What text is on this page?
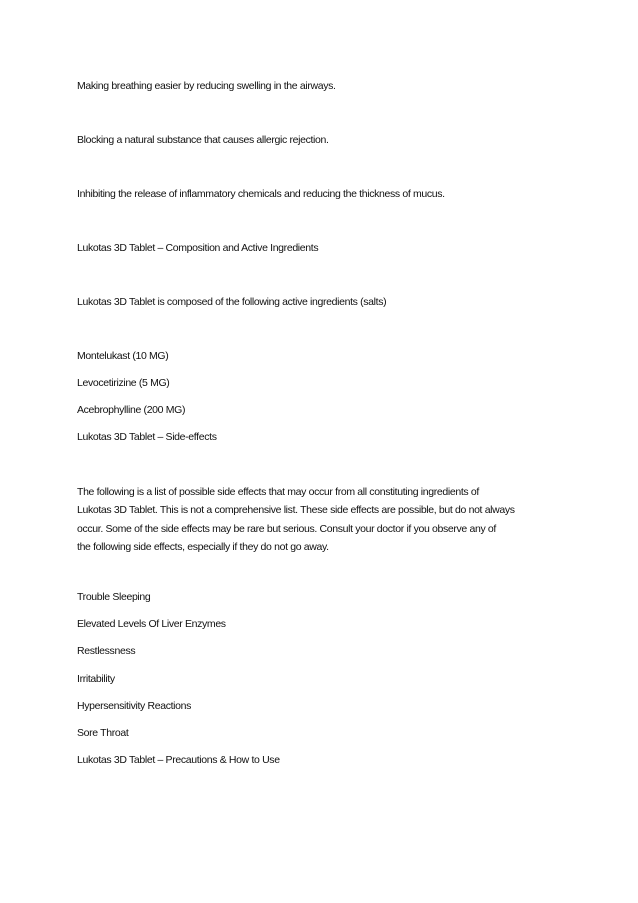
Making breathing easier by reducing swelling in the airways.

Blocking a natural substance that causes allergic rejection.

Inhibiting the release of inflammatory chemicals and reducing the thickness of mucus.

Lukotas 3D Tablet – Composition and Active Ingredients

Lukotas 3D Tablet is composed of the following active ingredients (salts)

Montelukast (10 MG)

Levocetirizine (5 MG)

Acebrophylline (200 MG)

Lukotas 3D Tablet – Side-effects

The following is a list of possible side effects that may occur from all constituting ingredients of
Lukotas 3D Tablet. This is not a comprehensive list. These side effects are possible, but do not always
occur. Some of the side effects may be rare but serious. Consult your doctor if you observe any of
the following side effects, especially if they do not go away.

Trouble Sleeping

Elevated Levels Of Liver Enzymes

Restlessness

Irritability

Hypersensitivity Reactions

Sore Throat

Lukotas 3D Tablet – Precautions & How to Use
